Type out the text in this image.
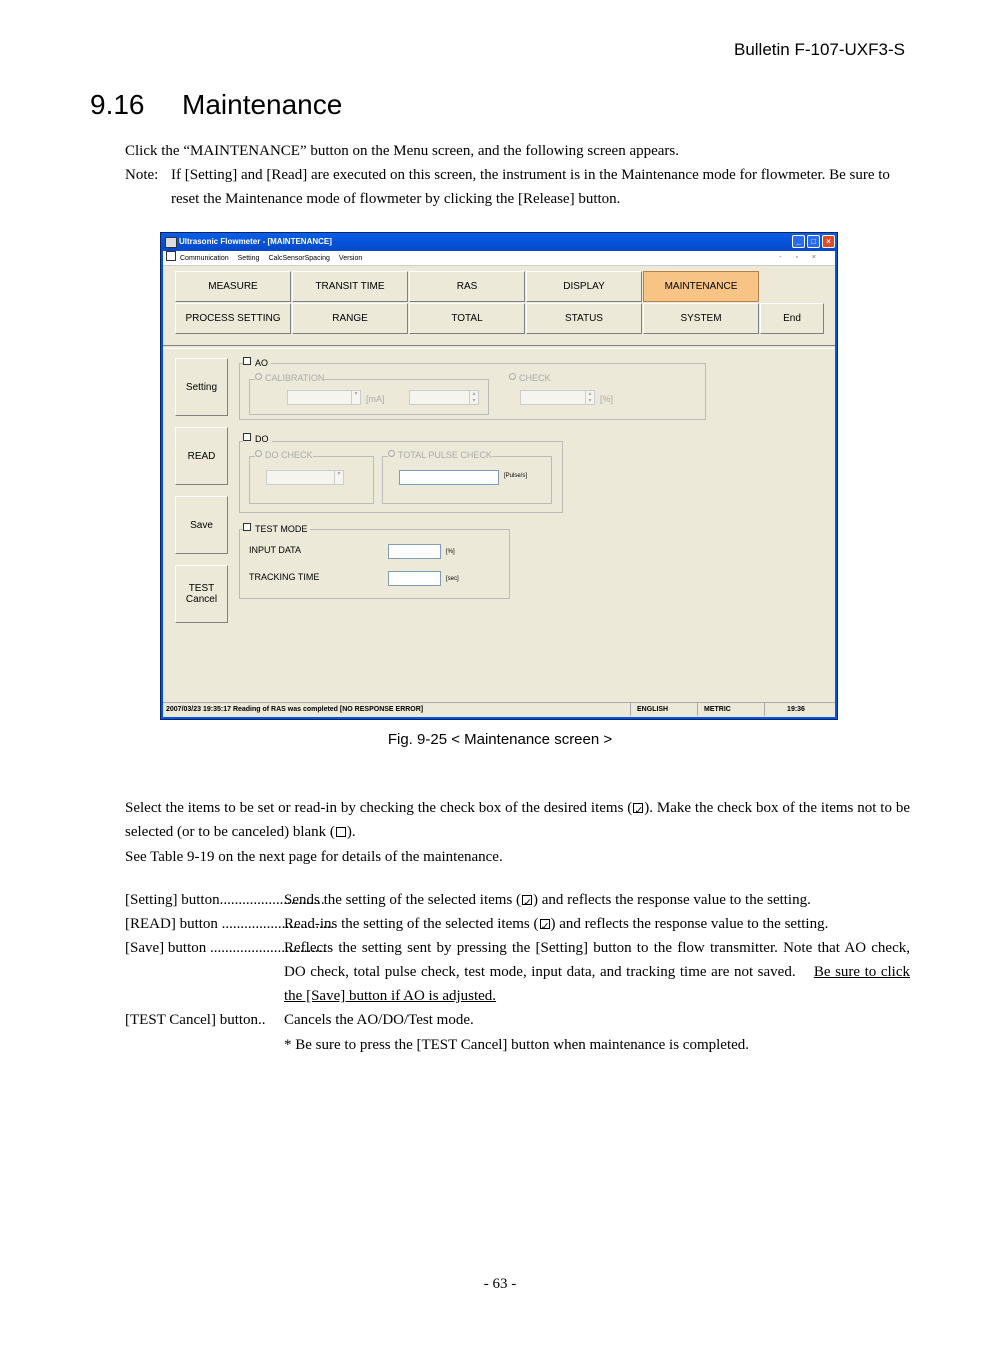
Bulletin F-107-UXF3-S
9.16 Maintenance
Click the “MAINTENANCE” button on the Menu screen, and the following screen appears.
Note: If [Setting] and [Read] are executed on this screen, the instrument is in the Maintenance mode for flowmeter. Be sure to reset the Maintenance mode of flowmeter by clicking the [Release] button.
Ultrasonic Flowmeter - [MAINTENANCE]	_	□	×
Communication Setting CalcSensorSpacing Version	- ▫ ×
MEASURE	TRANSIT TIME	RAS	DISPLAY	MAINTENANCE
PROCESS SETTING	RANGE	TOTAL	STATUS	SYSTEM	End
Setting
READ
Save
TEST
Cancel
AO
CALIBRATION
▾ [mA]	▴
▾
CHECK
▴
▾ [%]
DO
DO CHECK
▾
TOTAL PULSE CHECK
[Pulse/s]
TEST MODE
INPUT DATA	[%]
TRACKING TIME	[sec]
2007/03/23 19:35:17 Reading of RAS was completed [NO RESPONSE ERROR]	ENGLISH	METRIC	19:36
Fig. 9-25 < Maintenance screen >
Select the items to be set or read-in by checking the check box of the desired items ( ✓ ). Make the check box of the items not to be selected (or to be canceled) blank ( ).
See Table 9-19 on the next page for details of the maintenance.
[Setting] button............................
Sends the setting of the selected items ( ✓ ) and reflects the response value to the setting.
[READ] button ..............................
Read-ins the setting of the selected items ( ✓ ) and reflects the response value to the setting.
[Save] button ...............................
Reflects the setting sent by pressing the [Setting] button to the flow transmitter. Note that AO check, DO check, total pulse check, test mode, input data, and tracking time are not saved. Be sure to click the [Save] button if AO is adjusted.
[TEST Cancel] button..	Cancels the AO/DO/Test mode.
* Be sure to press the [TEST Cancel] button when maintenance is completed.
- 63 -
